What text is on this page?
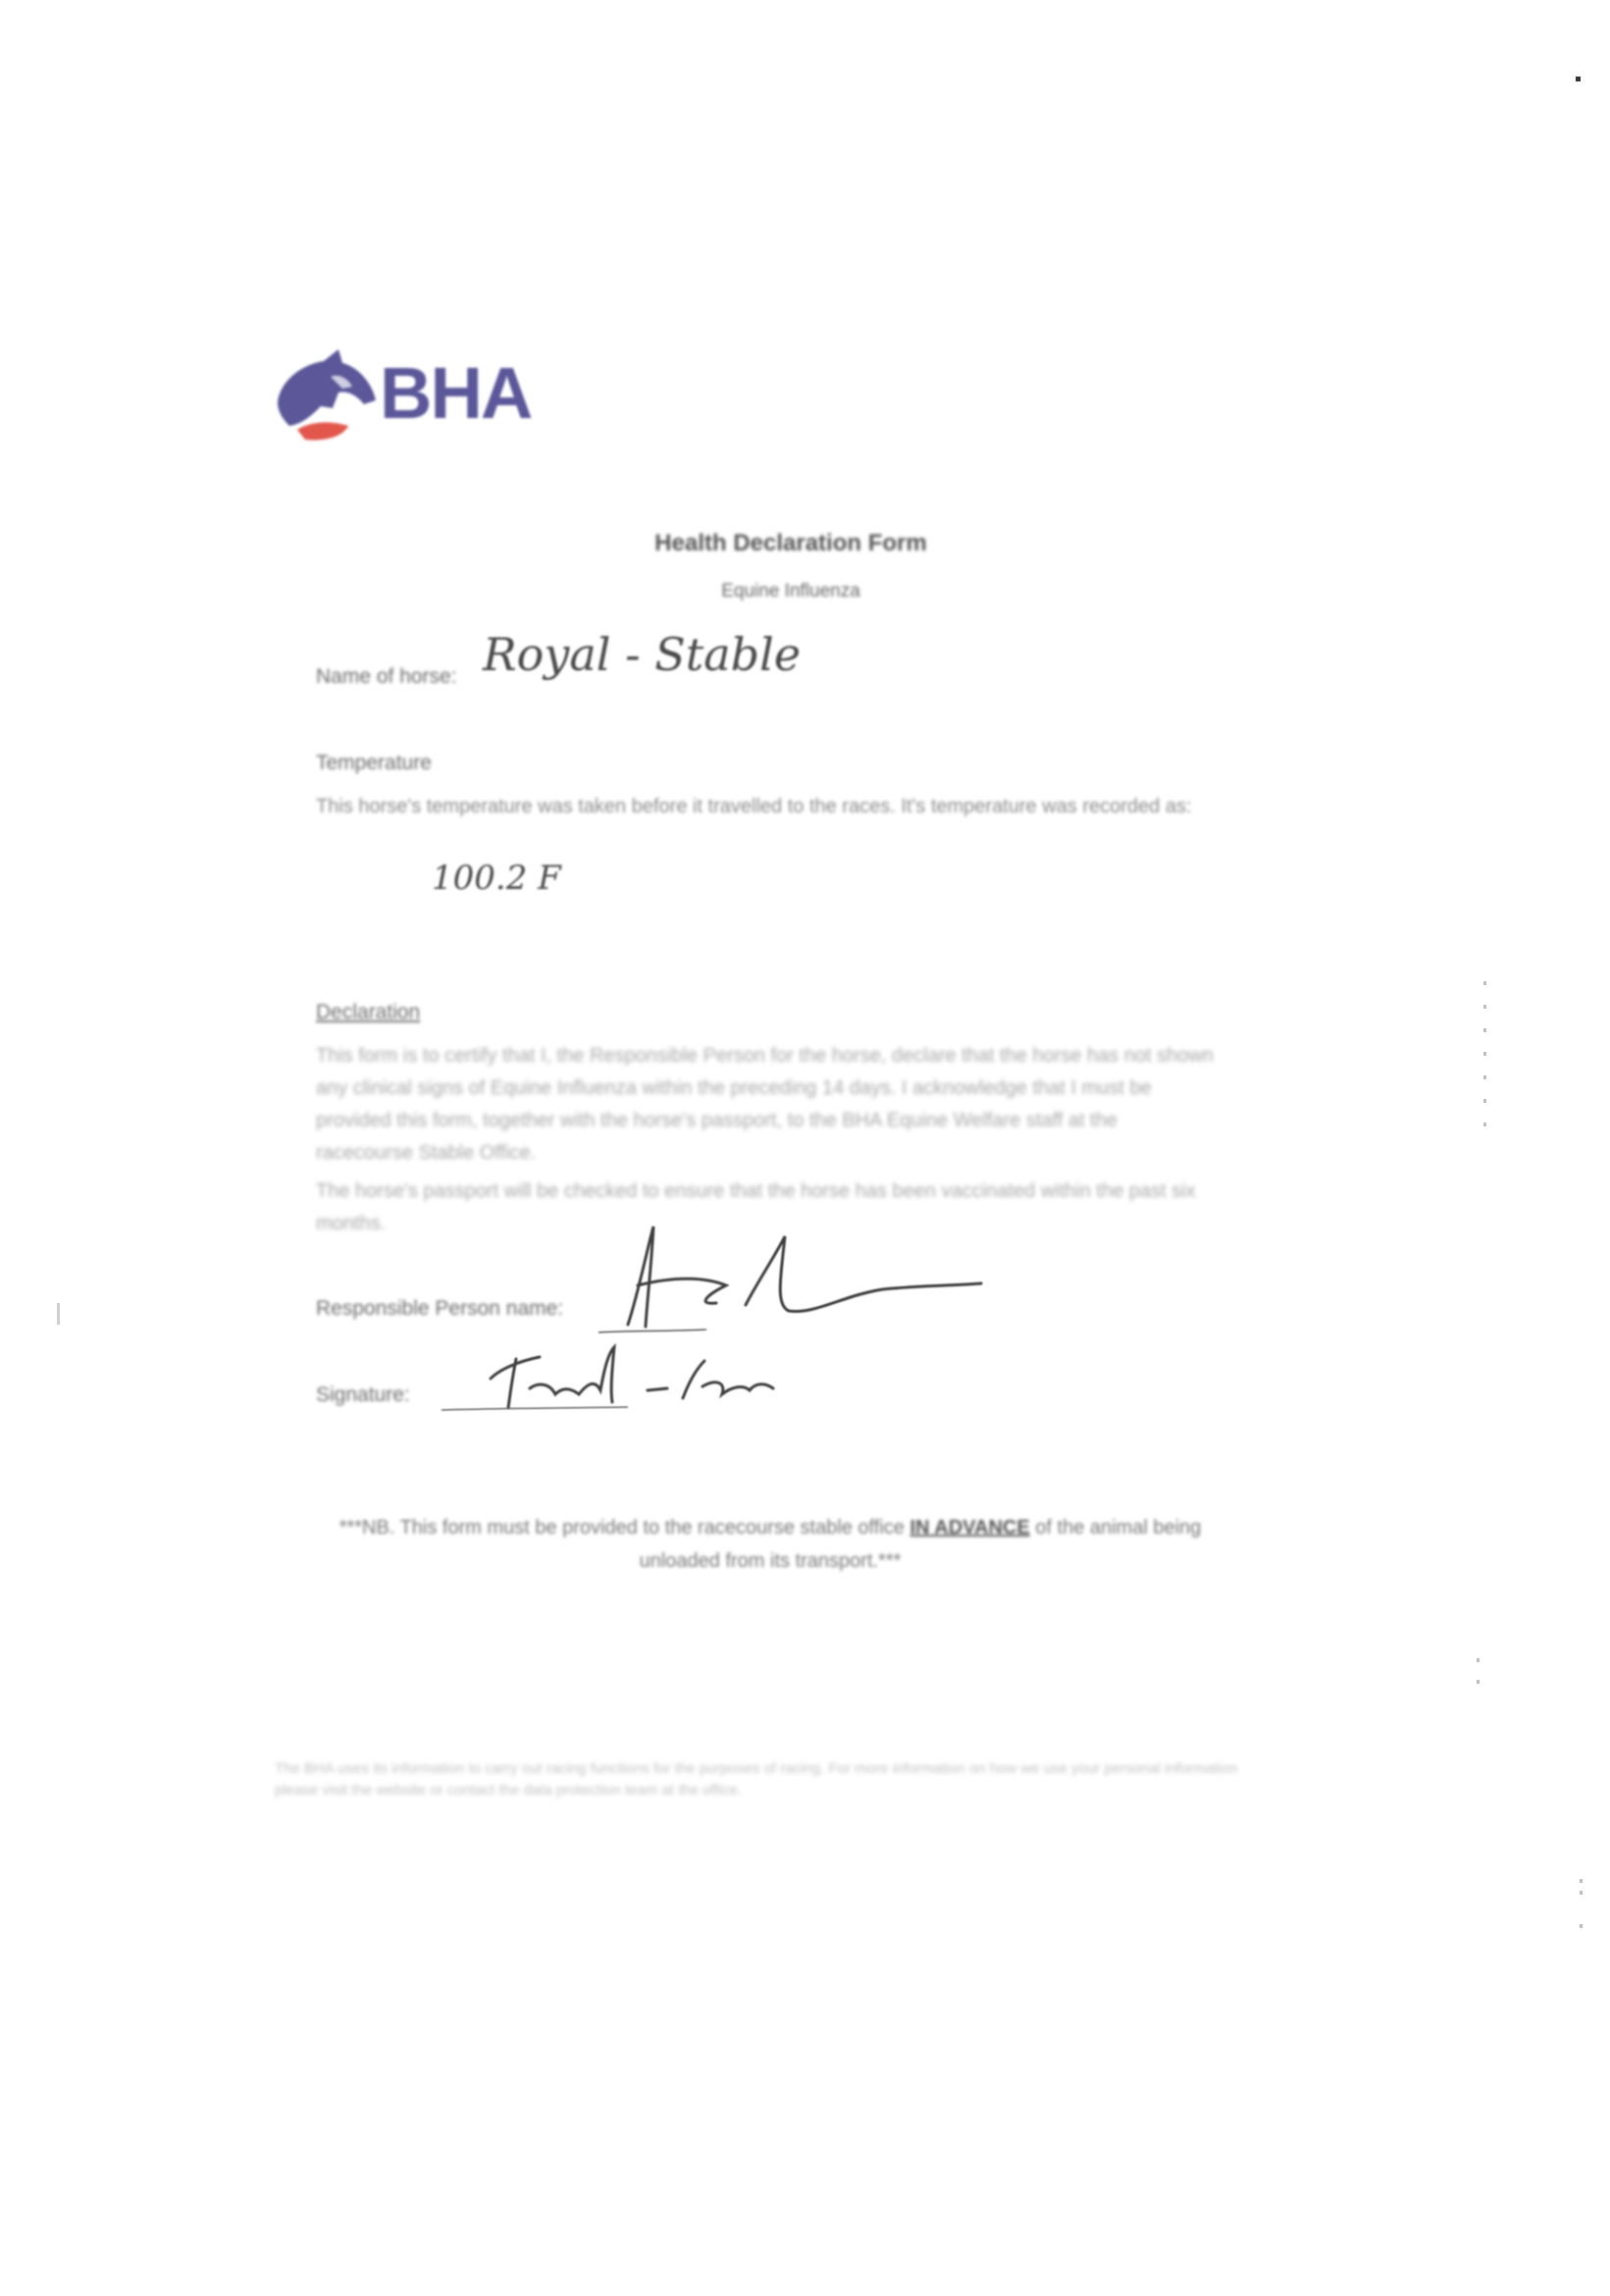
BHA
Health Declaration Form
Equine Influenza
Name of horse: Royal - Stable
Temperature
This horse's temperature was taken before it travelled to the races. It's temperature was recorded as:
100.2 F
Declaration
This form is to certify that I, the Responsible Person for the horse, declare that the horse has not shown any clinical signs of Equine Influenza within the preceding 14 days. I acknowledge that I must be provided this form, together with the horse's passport, to the BHA Equine Welfare staff at the racecourse Stable Office.
The horse's passport will be checked to ensure that the horse has been vaccinated within the past six months.
Responsible Person name:
Signature:
***NB. This form must be provided to the racecourse stable office IN ADVANCE of the animal being unloaded from its transport.***
The BHA uses its information to carry out racing functions for the purposes of racing. For more information on how we use your personal information please visit the website or contact the data protection team at the office.
